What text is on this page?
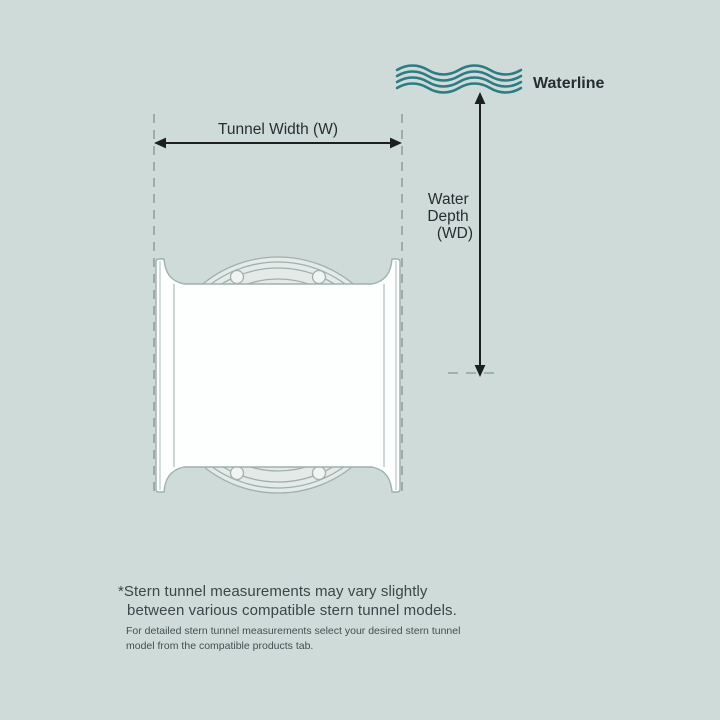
Waterline
Tunnel Width (W)
Water Depth (WD)
*Stern tunnel measurements may vary slightly
between various compatible stern tunnel models.
For detailed stern tunnel measurements select your desired stern tunnel
model from the compatible products tab.
